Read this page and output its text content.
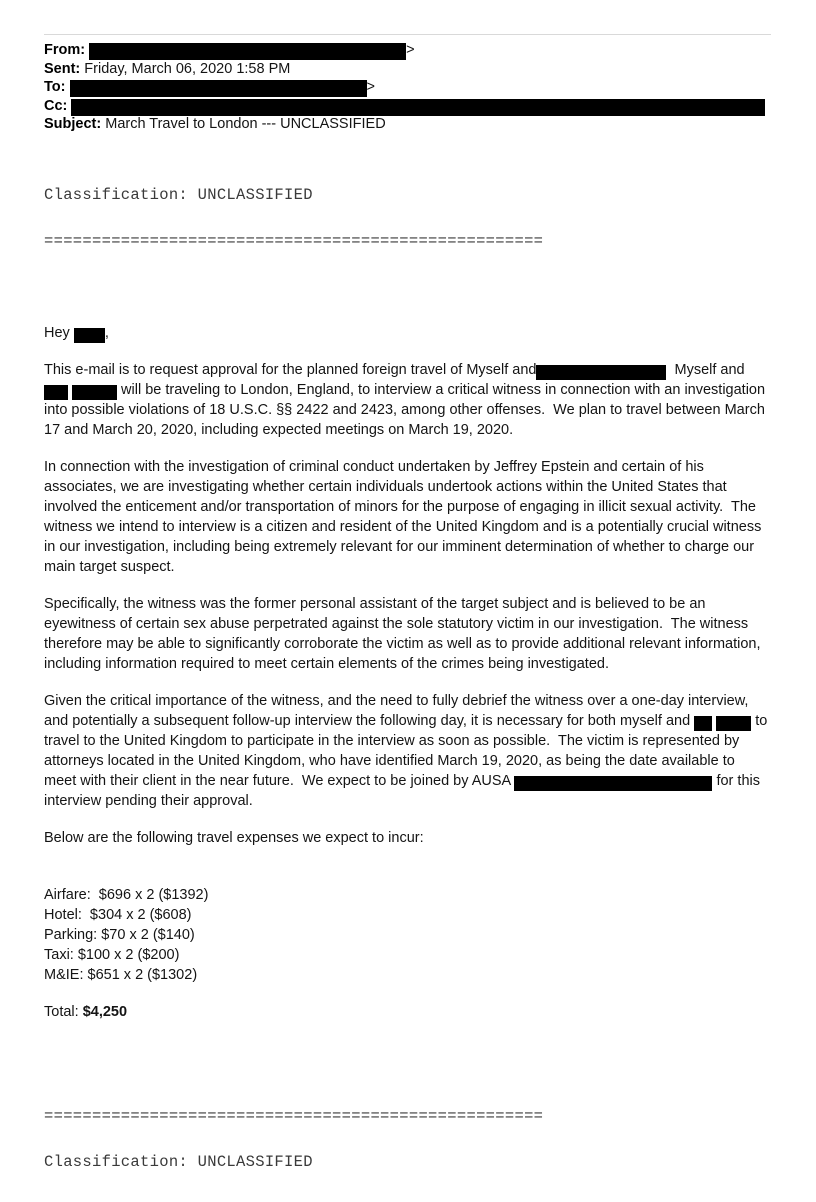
From:	>
Sent: Friday, March 06, 2020 1:58 PM
To:	>
Cc:
Subject: March Travel to London --- UNCLASSIFIED

Classification: UNCLASSIFIED

====================================================

Hey ,
This e-mail is to request approval for the planned foreign travel of Myself and	Myself and   will be traveling to London, England, to interview a critical witness in connection with an investigation into possible violations of 18 U.S.C. §§ 2422 and 2423, among other offenses.  We plan to travel between March 17 and March 20, 2020, including expected meetings on March 19, 2020.
In connection with the investigation of criminal conduct undertaken by Jeffrey Epstein and certain of his associates, we are investigating whether certain individuals undertook actions within the United States that involved the enticement and/or transportation of minors for the purpose of engaging in illicit sexual activity.  The witness we intend to interview is a citizen and resident of the United Kingdom and is a potentially crucial witness in our investigation, including being extremely relevant for our imminent determination of whether to charge our main target suspect.
Specifically, the witness was the former personal assistant of the target subject and is believed to be an eyewitness of certain sex abuse perpetrated against the sole statutory victim in our investigation.  The witness therefore may be able to significantly corroborate the victim as well as to provide additional relevant information, including information required to meet certain elements of the crimes being investigated.
Given the critical importance of the witness, and the need to fully debrief the witness over a one-day interview, and potentially a subsequent follow-up interview the following day, it is necessary for both myself and	to travel to the United Kingdom to participate in the interview as soon as possible.  The victim is represented by attorneys located in the United Kingdom, who have identified March 19, 2020, as being the date available to meet with their client in the near future.  We expect to be joined by AUSA	for this interview pending their approval.
Below are the following travel expenses we expect to incur:
Airfare:  $696 x 2 ($1392)
Hotel:  $304 x 2 ($608)
Parking: $70 x 2 ($140)
Taxi: $100 x 2 ($200)
M&IE: $651 x 2 ($1302)
Total: $4,250

====================================================

Classification: UNCLASSIFIED
